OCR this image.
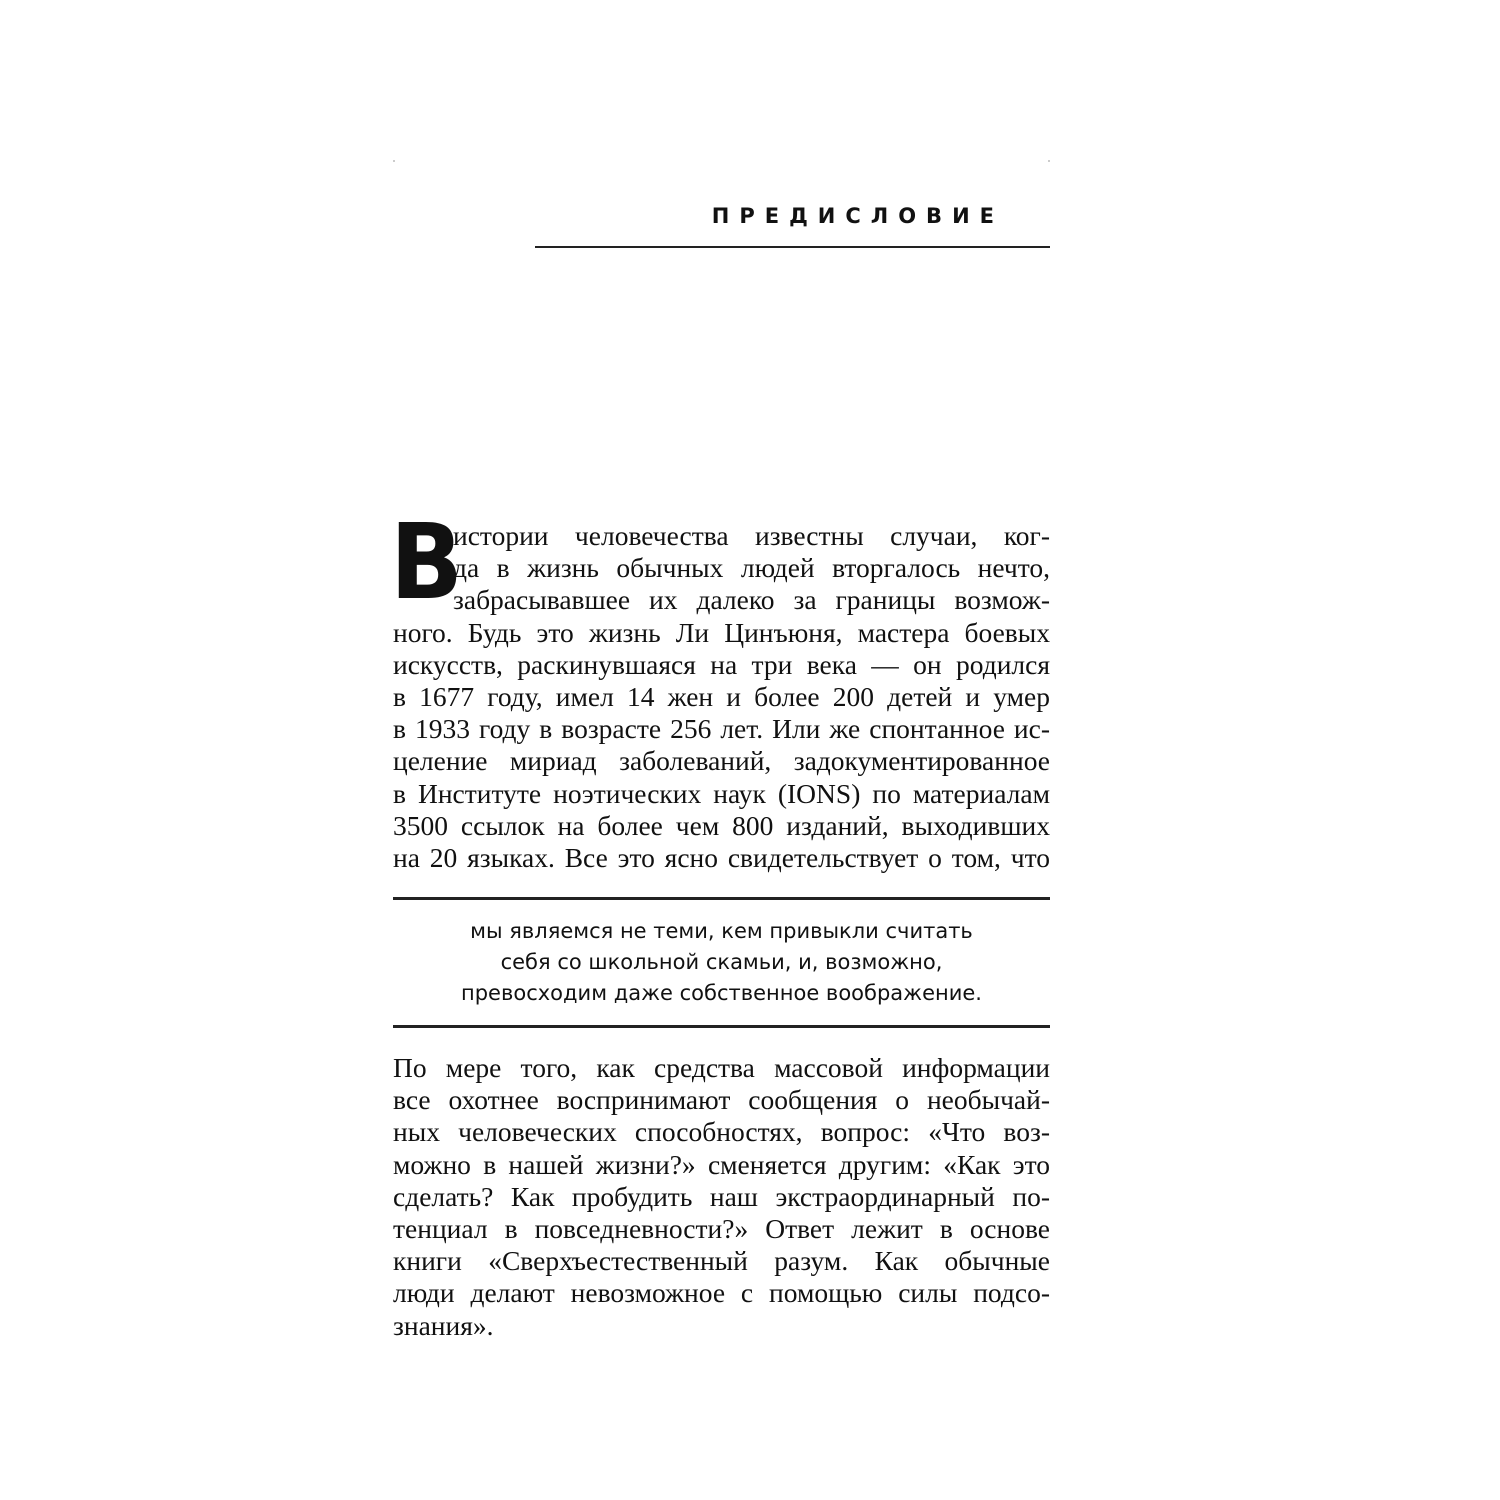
ПРЕДИСЛОВИЕ
В
истории человечества известны случаи, ког-
да в жизнь обычных людей вторгалось нечто,
забрасывавшее их далеко за границы возмож-
ного. Будь это жизнь Ли Цинъюня, мастера боевых
искусств, раскинувшаяся на три века — он родился
в 1677 году, имел 14 жен и более 200 детей и умер
в 1933 году в возрасте 256 лет. Или же спонтанное ис-
целение мириад заболеваний, задокументированное
в Институте ноэтических наук (IONS) по материалам
3500 ссылок на более чем 800 изданий, выходивших
на 20 языках. Все это ясно свидетельствует о том, что
мы являемся не теми, кем привыкли считать
себя со школьной скамьи, и, возможно,
превосходим даже собственное воображение.
По мере того, как средства массовой информации
все охотнее воспринимают сообщения о необычай-
ных человеческих способностях, вопрос: «Что воз-
можно в нашей жизни?» сменяется другим: «Как это
сделать? Как пробудить наш экстраординарный по-
тенциал в повседневности?» Ответ лежит в основе
книги «Сверхъестественный разум. Как обычные
люди делают невозможное с помощью силы подсо-
знания».
